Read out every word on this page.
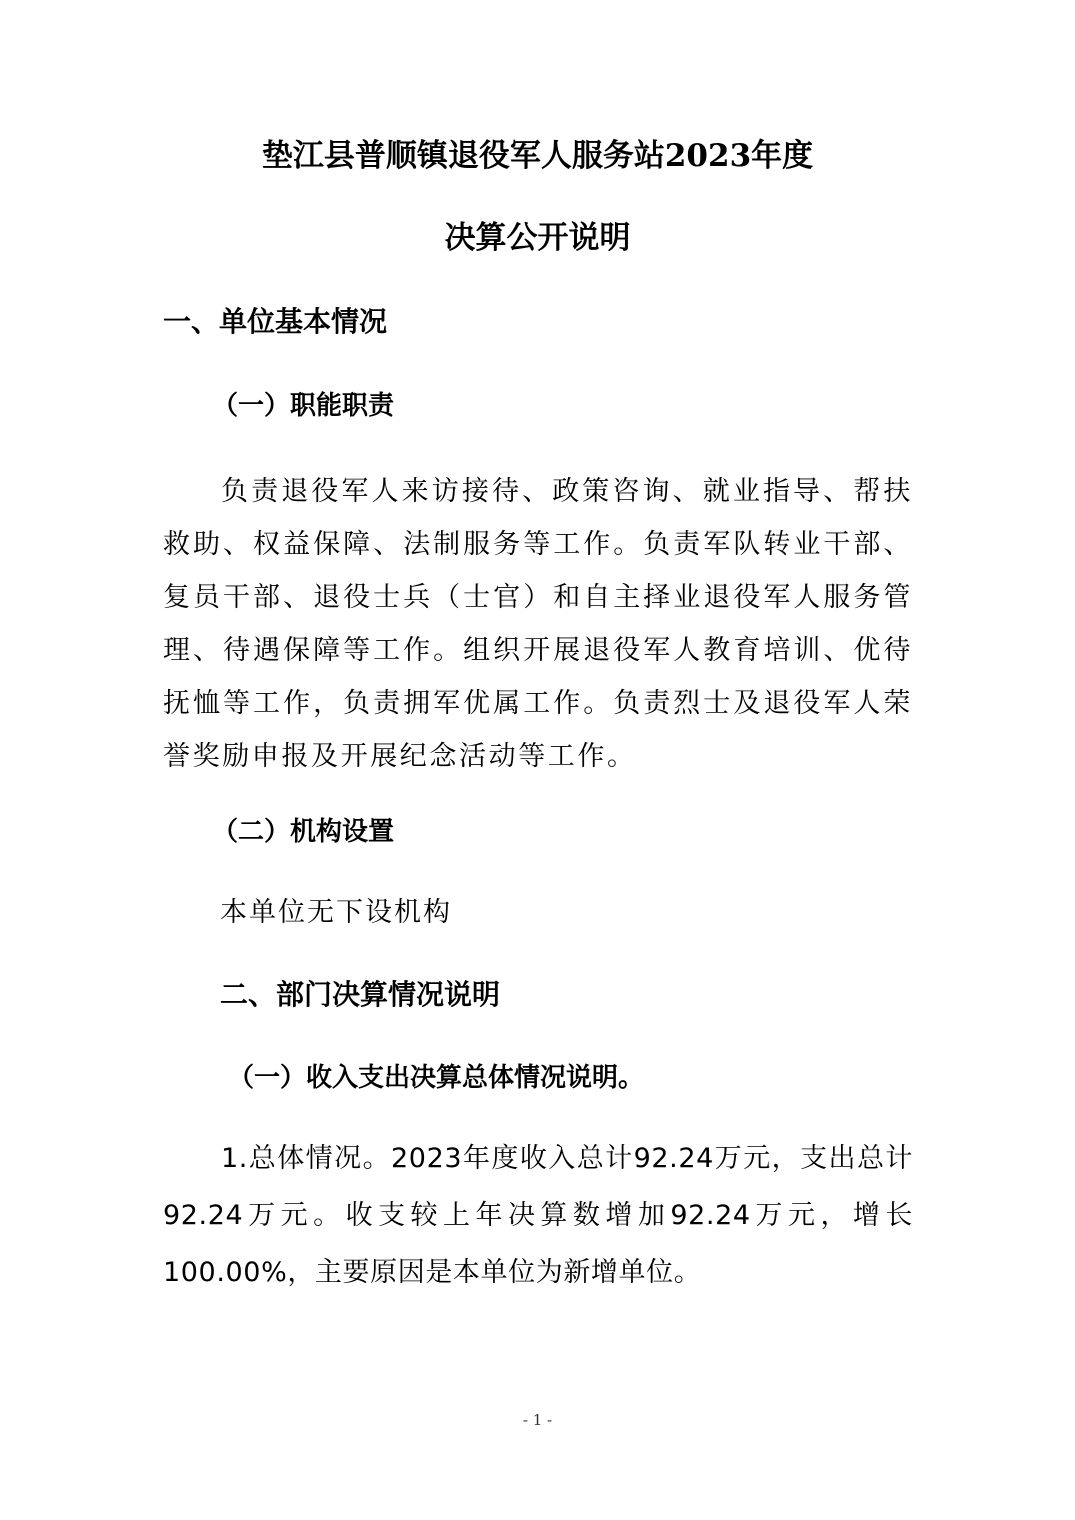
垫江县普顺镇退役军人服务站2023年度
决算公开说明
一、单位基本情况
（一）职能职责
负责退役军人来访接待、政策咨询、就业指导、帮扶救助、权益保障、法制服务等工作。负责军队转业干部、复员干部、退役士兵（士官）和自主择业退役军人服务管理、待遇保障等工作。组织开展退役军人教育培训、优待抚恤等工作，负责拥军优属工作。负责烈士及退役军人荣誉奖励申报及开展纪念活动等工作。
（二）机构设置
本单位无下设机构
二、部门决算情况说明
（一）收入支出决算总体情况说明。
1.总体情况。2023年度收入总计92.24万元，支出总计92.24万元。收支较上年决算数增加92.24万元，增长100.00%，主要原因是本单位为新增单位。
- 1 -
